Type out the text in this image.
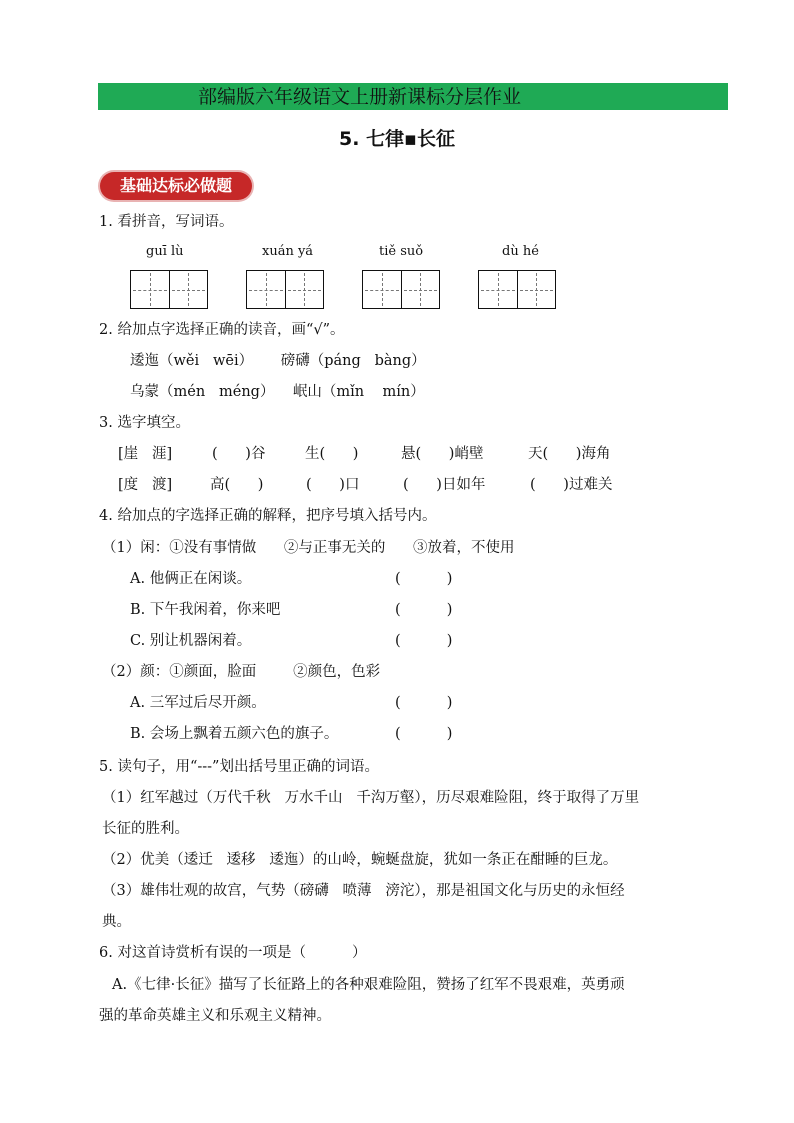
部编版六年级语文上册新课标分层作业
5. 七律▪长征
基础达标必做题
1. 看拼音，写词语。
guī lù	xuán yá	tiě suǒ	dù hé
2. 给加点字选择正确的读音，画“√”。
逶迤（wěi   wēi）      磅礴（páng   bàng）
乌蒙（mén   méng）    岷山（mǐn    mín）
3. 选字填空。
[崖   涯]	(      )谷	生(      )	悬(      )峭壁	天(      )海角
[度   渡]	高(      )	(      )口	(      )日如年	(      )过难关
4. 给加点的字选择正确的解释，把序号填入括号内。
（1）闲：①没有事情做      ②与正事无关的      ③放着，不使用
A. 他俩正在闲谈。	(          )
B. 下午我闲着，你来吧	(          )
C. 别让机器闲着。	(          )
（2）颜：①颜面，脸面        ②颜色，色彩
A. 三军过后尽开颜。	(          )
B. 会场上飘着五颜六色的旗子。	(          )
5. 读句子，用“---”划出括号里正确的词语。
（1）红军越过（万代千秋   万水千山   千沟万壑），历尽艰难险阻，终于取得了万里
长征的胜利。
（2）优美（逶迁   逶移   逶迤）的山岭，蜿蜒盘旋，犹如一条正在酣睡的巨龙。
（3）雄伟壮观的故宫，气势（磅礴   喷薄   滂沱），那是祖国文化与历史的永恒经
典。
6. 对这首诗赏析有误的一项是（          ）
A.《七律·长征》描写了长征路上的各种艰难险阻，赞扬了红军不畏艰难，英勇顽
强的革命英雄主义和乐观主义精神。
